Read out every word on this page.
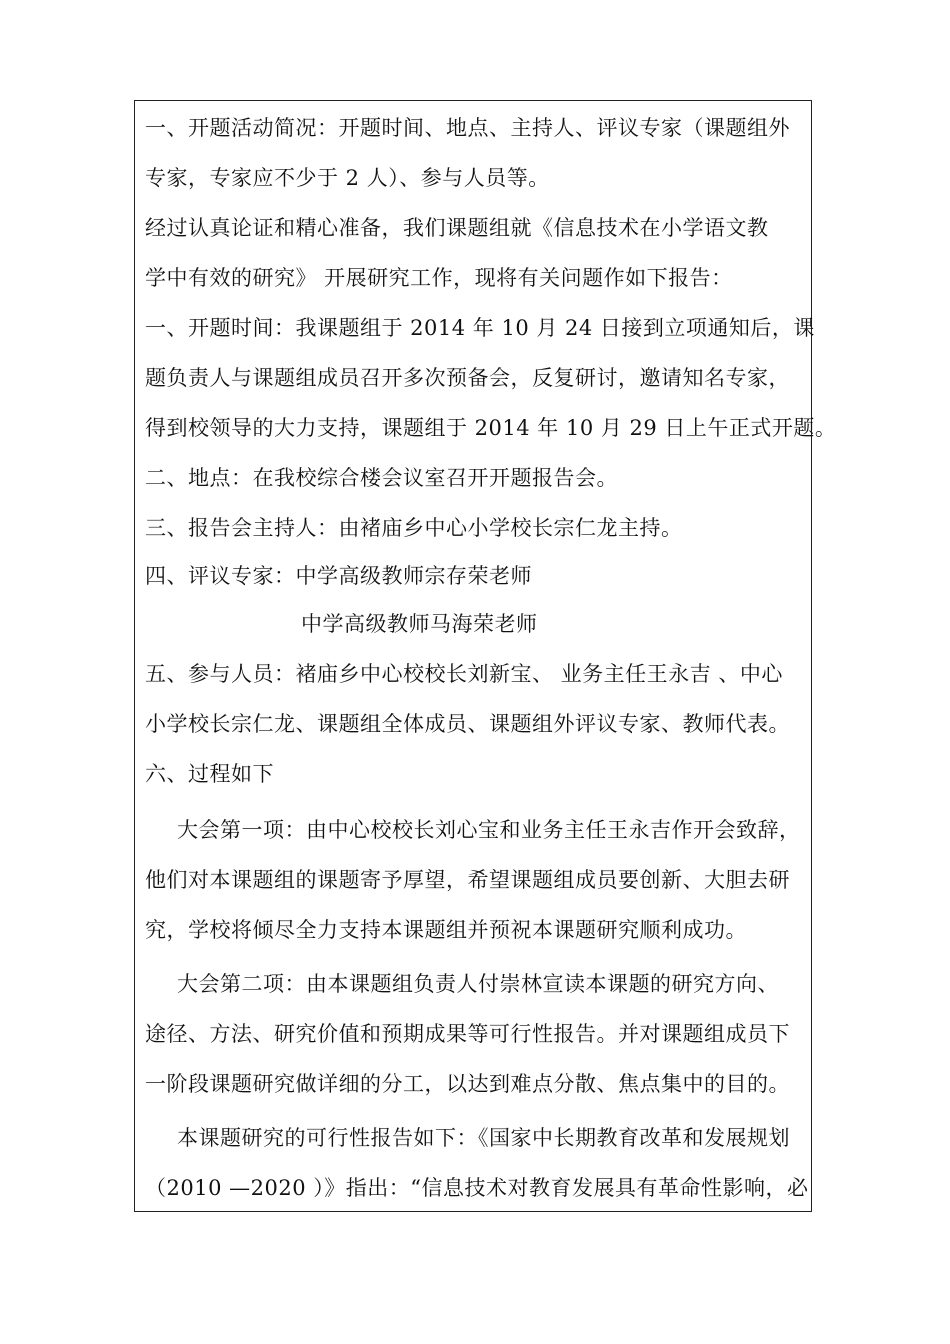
一、开题活动简况：开题时间、地点、主持人、评议专家（课题组外
专家，专家应不少于 2 人）、参与人员等。
经过认真论证和精心准备，我们课题组就《信息技术在小学语文教
学中有效的研究》 开展研究工作，现将有关问题作如下报告：
一、开题时间：我课题组于 2014 年 10 月 24 日接到立项通知后，课
题负责人与课题组成员召开多次预备会，反复研讨，邀请知名专家，
得到校领导的大力支持，课题组于 2014 年 10 月 29 日上午正式开题。
二、地点：在我校综合楼会议室召开开题报告会。
三、报告会主持人：由褚庙乡中心小学校长宗仁龙主持。
四、评议专家：中学高级教师宗存荣老师
中学高级教师马海荣老师
五、参与人员：褚庙乡中心校校长刘新宝、 业务主任王永吉 、中心
小学校长宗仁龙、课题组全体成员、课题组外评议专家、教师代表。
六、过程如下
大会第一项：由中心校校长刘心宝和业务主任王永吉作开会致辞，
他们对本课题组的课题寄予厚望，希望课题组成员要创新、大胆去研
究，学校将倾尽全力支持本课题组并预祝本课题研究顺利成功。
大会第二项：由本课题组负责人付崇林宣读本课题的研究方向、
途径、方法、研究价值和预期成果等可行性报告。并对课题组成员下
一阶段课题研究做详细的分工，以达到难点分散、焦点集中的目的。
本课题研究的可行性报告如下：《国家中长期教育改革和发展规划
（2010 —2020 ）》指出：“信息技术对教育发展具有革命性影响，必
